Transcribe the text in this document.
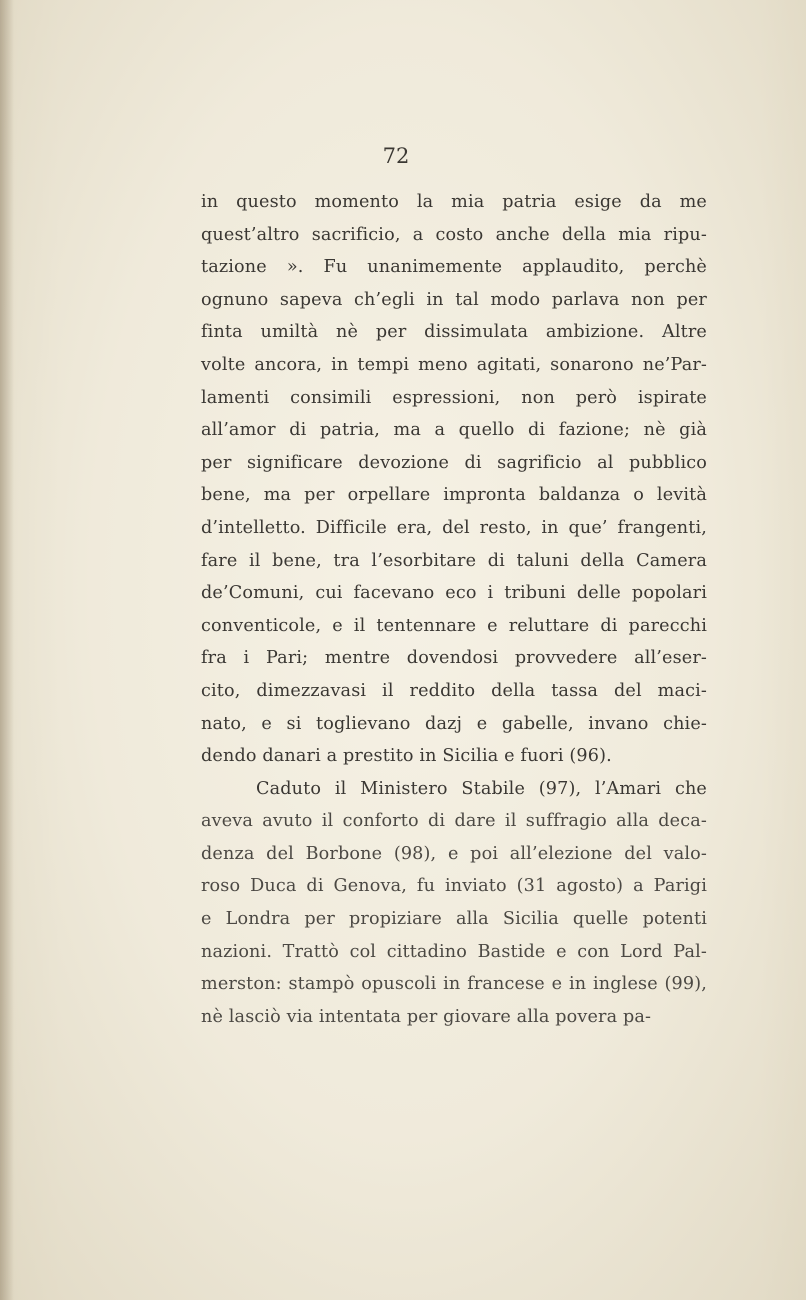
72
in questo momento la mia patria esige da me
quest’altro sacrificio, a costo anche della mia ripu-
tazione ». Fu unanimemente applaudito, perchè
ognuno sapeva ch’egli in tal modo parlava non per
finta umiltà nè per dissimulata ambizione. Altre
volte ancora, in tempi meno agitati, sonarono ne’Par-
lamenti consimili espressioni, non però ispirate
all’amor di patria, ma a quello di fazione; nè già
per significare devozione di sagrificio al pubblico
bene, ma per orpellare impronta baldanza o levità
d’intelletto. Difficile era, del resto, in que’ frangenti,
fare il bene, tra l’esorbitare di taluni della Camera
de’Comuni, cui facevano eco i tribuni delle popolari
conventicole, e il tentennare e reluttare di parecchi
fra i Pari; mentre dovendosi provvedere all’eser-
cito, dimezzavasi il reddito della tassa del maci-
nato, e si toglievano dazj e gabelle, invano chie-
dendo danari a prestito in Sicilia e fuori (96).
Caduto il Ministero Stabile (97), l’Amari che
aveva avuto il conforto di dare il suffragio alla deca-
denza del Borbone (98), e poi all’elezione del valo-
roso Duca di Genova, fu inviato (31 agosto) a Parigi
e Londra per propiziare alla Sicilia quelle potenti
nazioni. Trattò col cittadino Bastide e con Lord Pal-
merston: stampò opuscoli in francese e in inglese (99),
nè lasciò via intentata per giovare alla povera pa-
